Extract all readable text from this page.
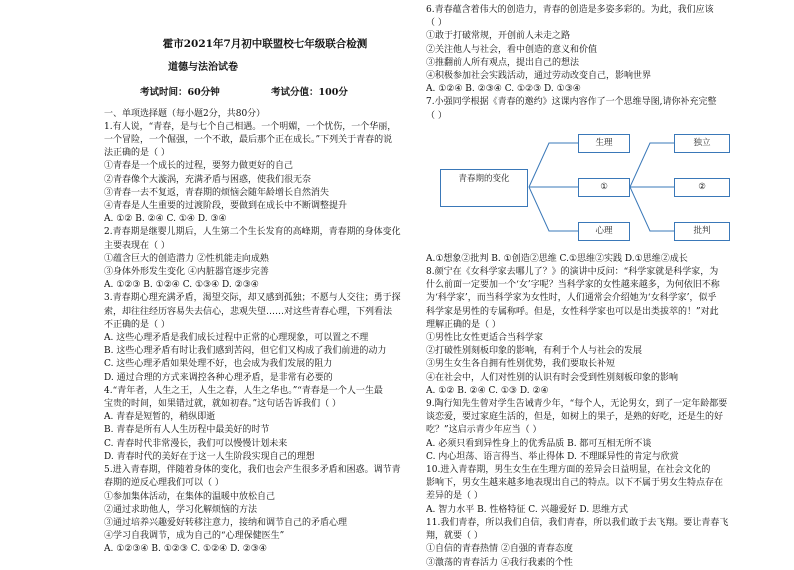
霍市2021年7月初中联盟校七年级联合检测
道德与法治试卷
考试时间：60分钟	考试分值：100分
一、单项选择题（每小题2分，共80分）
1.有人说，“青春，是与七个自己相遇。一个明媚，一个忧伤，一个华丽，
一个冒险，一个倔强，一个不敢，最后那个正在成长。”下列关于青春的说
法正确的是（ ）
①青春是一个成长的过程，要努力做更好的自己
②青春像个大漩涡，充满矛盾与困惑，使我们很无奈
③青春一去不复返，青春期的烦恼会随年龄增长自然消失
④青春是人生重要的过渡阶段，要做到在成长中不断调整提升
A. ①② B. ②④ C. ①④ D. ③④
2.青春期是继婴儿期后，人生第二个生长发育的高峰期，青春期的身体变化
主要表现在（ ）
①蕴含巨大的创造潜力 ②性机能走向成熟
③身体外形发生变化 ④内脏器官逐步完善
A. ①②③ B. ①②④ C. ①③④ D. ②③④
3.青春期心理充满矛盾，渴望交际，却又感到孤独；不愿与人交往；勇于探
索，却往往经历容易失去信心，悲观失望……对这些青春心理，下列看法
不正确的是（ ）
A. 这些心理矛盾是我们成长过程中正常的心理现象，可以置之不理
B. 这些心理矛盾有时让我们感到苦闷，但它们又构成了我们前进的动力
C. 这些心理矛盾如果处理不好，也会成为我们发展的阻力
D. 通过合理的方式来调控各种心理矛盾，是非常有必要的
4.“青年者，人生之王，人生之春，人生之华也。”“青春是一个人一生最
宝贵的时间，如果错过就，就如初春。”这句话告诉我们（ ）
A. 青春是短暂的，稍纵即逝
B. 青春是所有人人生历程中最美好的时节
C. 青春时代非常漫长，我们可以慢慢计划未来
D. 青春时代的美好在于这一人生阶段实现自己的理想
5.进入青春期，伴随着身体的变化，我们也会产生很多矛盾和困惑。调节青
春期的逆反心理我们可以（ ）
①参加集体活动，在集体的温暖中放松自己
②通过求助他人，学习化解烦恼的方法
③通过培养兴趣爱好转移注意力，接纳和调节自己的矛盾心理
④学习自我调节，成为自己的“心理保健医生”
A. ①②③④ B. ①②③ C. ①②④ D. ②③④
6.青春蕴含着伟大的创造力，青春的创造是多姿多彩的。为此，我们应该
（ ）
①敢于打破常规，开创前人未走之路
②关注他人与社会，看中创造的意义和价值
③推翻前人所有观点，提出自己的想法
④积极参加社会实践活动，通过劳动改变自己，影响世界
A. ①②④ B. ②③④ C. ①②③ D. ①③④
7.小强同学根据《青春的邀约》这课内容作了一个思维导图,请你补充完整
（ ）
青春期的变化
生理
①
心理
独立
②
批判
A.①想象②批判 B. ①创造②思维 C.①思维②实践 D.①思维②成长
8.颜宁在《女科学家去哪儿了？》的演讲中反问：“科学家就是科学家，为
什么前面一定要加一个‘女’字呢？当科学家的女性越来越多，为何依旧不称
为‘科学家’，而当科学家为女性时，人们通常会介绍她为‘女科学家’，似乎
科学家是男性的专属称呼。但是，女性科学家也可以是出类拔萃的！”对此
理解正确的是（ ）
①男性比女性更适合当科学家
②打破性别刻板印象的影响，有利于个人与社会的发展
③男生女生各自拥有性别优势，我们要取长补短
④在社会中，人们对性别的认识有时会受到性别刻板印象的影响
A. ①② B. ②④ C. ①③ D. ②④
9.陶行知先生曾对学生告诫青少年，“每个人，无论男女，到了一定年龄都要
谈恋爱，要过家庭生活的，但是，如树上的果子，是熟的好吃，还是生的好
吃？”这启示青少年应当（ ）
A. 必须只看到异性身上的优秀品质 B. 都可互相无所不谈
C. 内心坦荡、语言得当、举止得体 D. 不理睬异性的肯定与欣赏
10.进入青春期，男生女生在生理方面的差异会日益明显，在社会文化的
影响下，男女生越来越多地表现出自己的特点。以下不属于男女生特点存在
差异的是（ ）
A. 智力水平 B. 性格特征 C. 兴趣爱好 D. 思维方式
11.我们青春，所以我们自信，我们青春，所以我们敢于去飞翔。要让青春飞
翔，就要（ ）
①自信的青春热情 ②自强的青春态度
③激荡的青春活力 ④我行我素的个性
